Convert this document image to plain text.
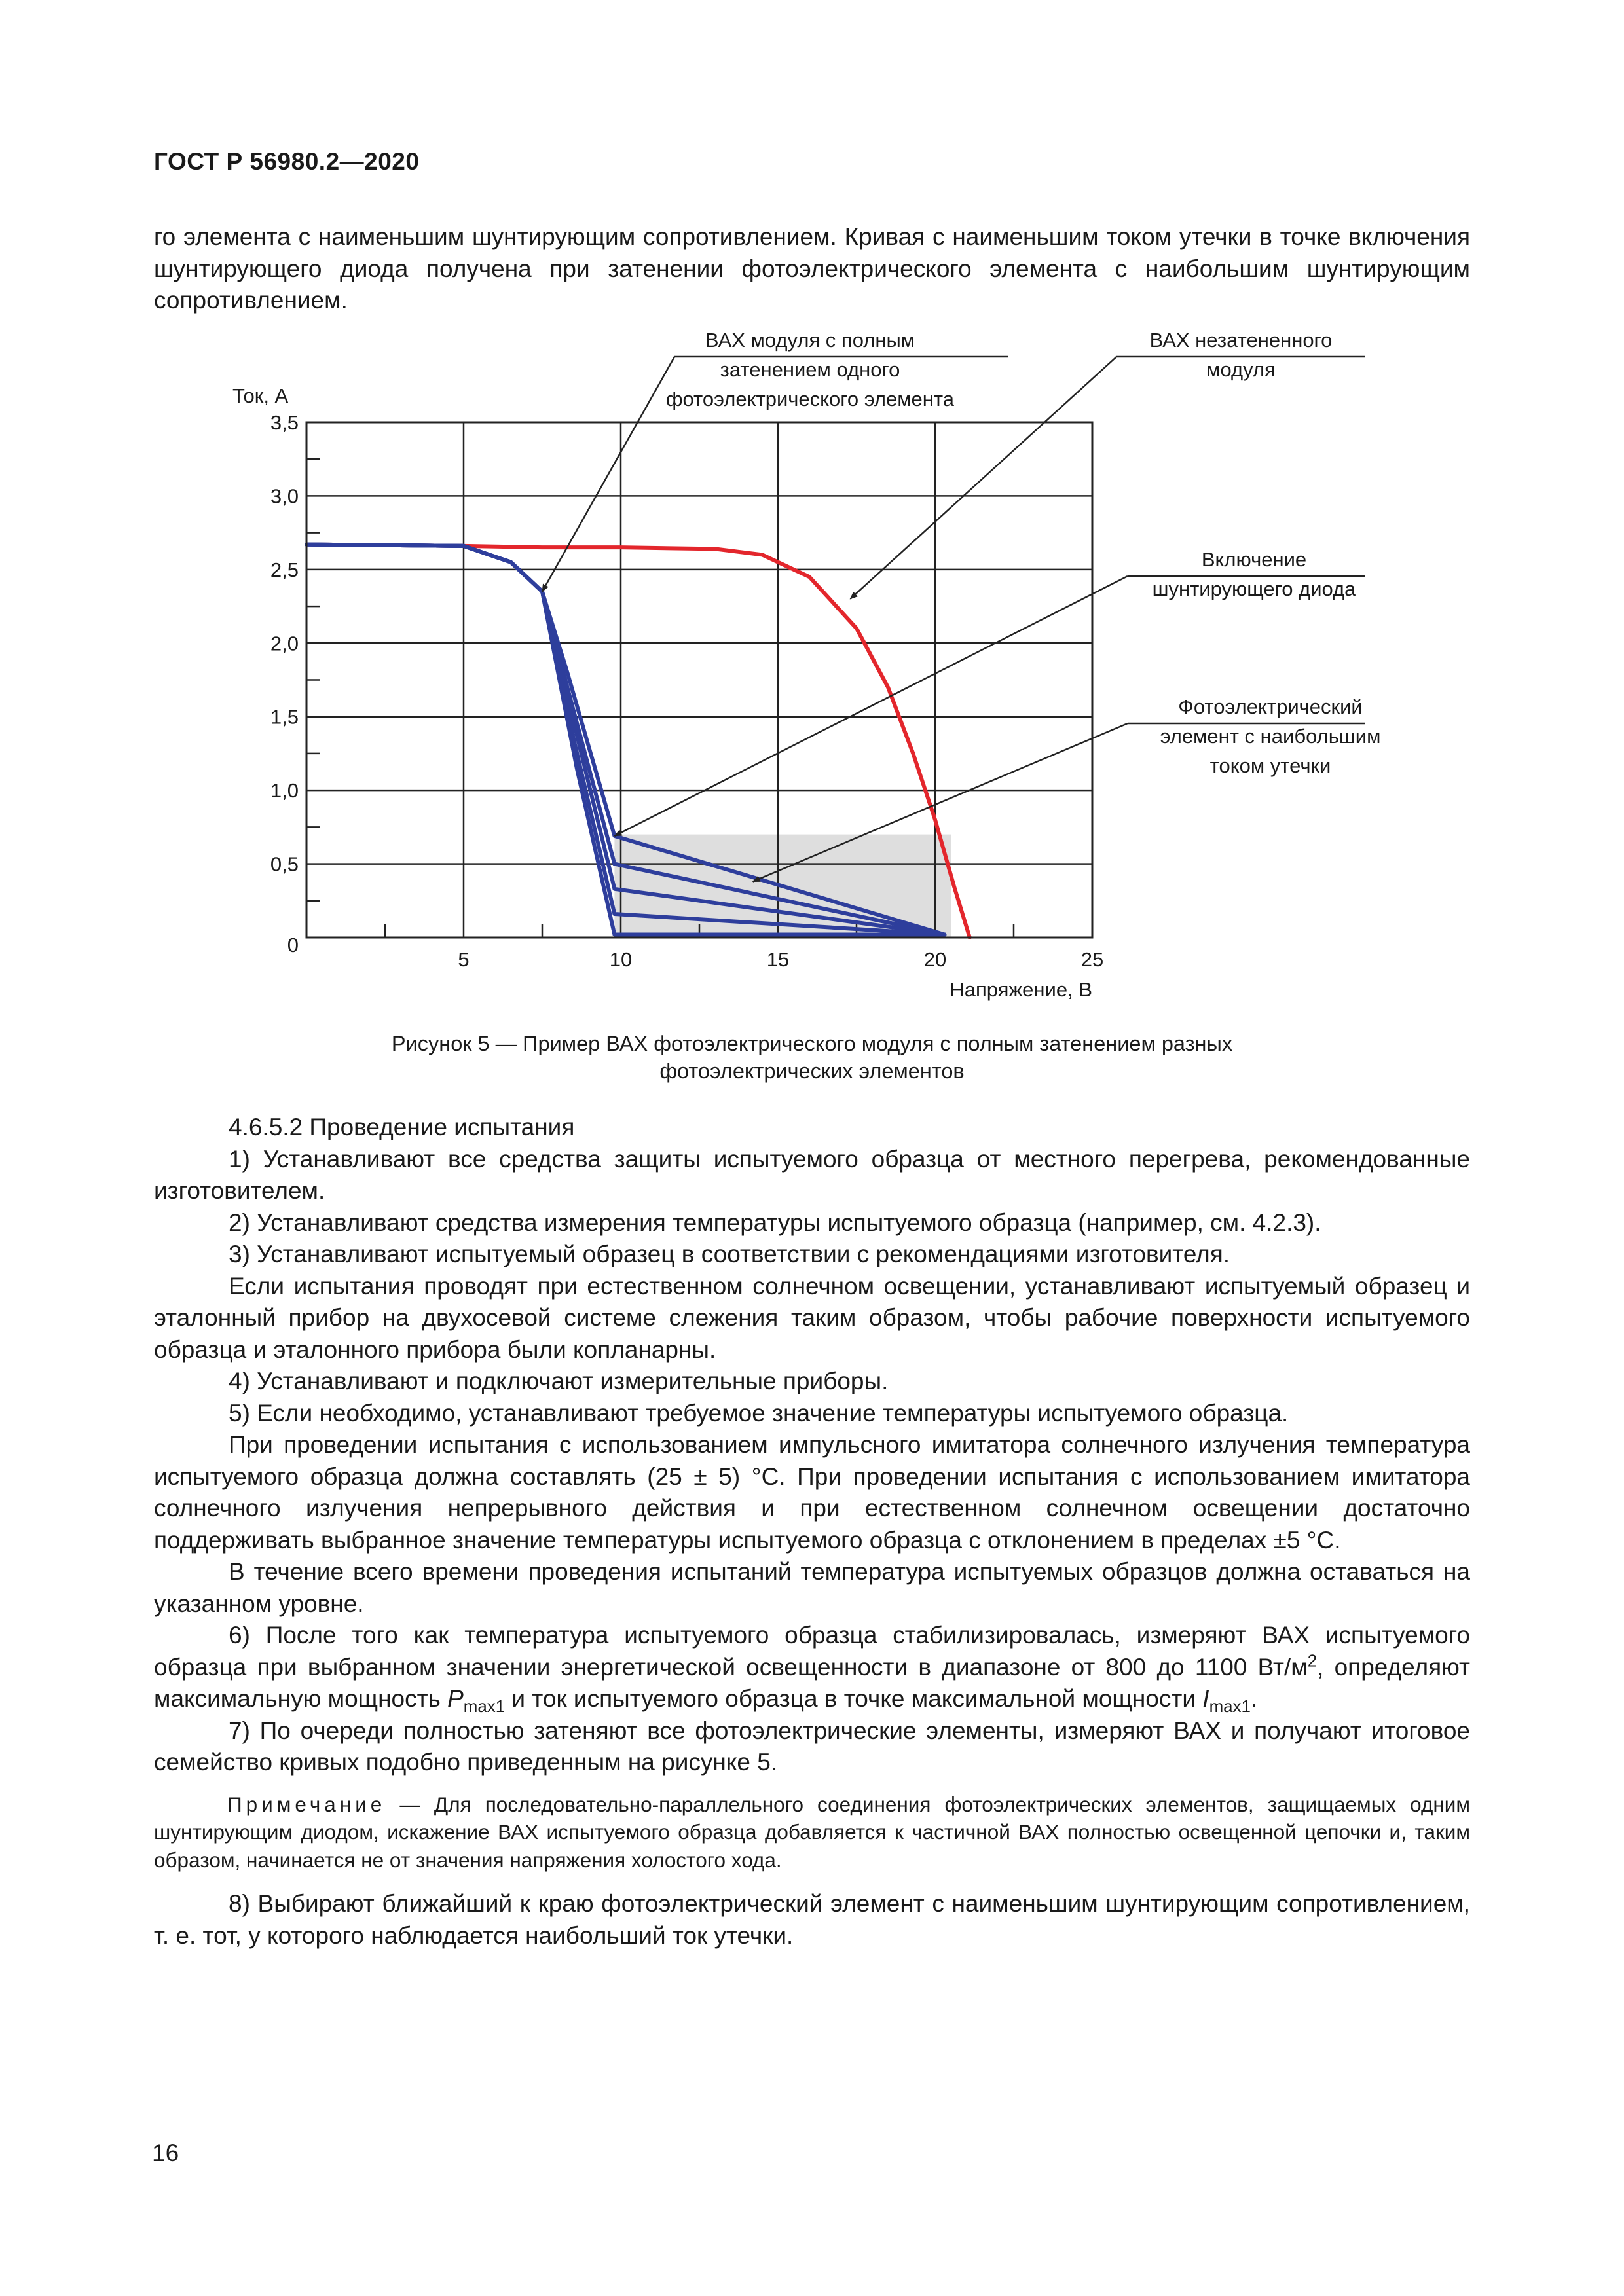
ГОСТ Р 56980.2—2020

го элемента с наименьшим шунтирующим сопротивлением. Кривая с наименьшим током утечки в точке включения шунтирующего диода получена при затенении фотоэлектрического элемента с наибольшим шунтирующим сопротивлением.

5	10	15	20	25
0
0,5
1,0
1,5
2,0
2,5
3,0
3,5
Ток, А
Напряжение, В
ВАХ модуля с полным
затенением одного
фотоэлектрического элемента
ВАХ незатененного
модуля
Включение
шунтирующего диода
Фотоэлектрический
элемент с наибольшим
током утечки
Рисунок 5 — Пример ВАХ фотоэлектрического модуля с полным затенением разных
фотоэлектрических элементов

4.6.5.2 Проведение испытания

1) Устанавливают все средства защиты испытуемого образца от местного перегрева, рекомендованные изготовителем.

2) Устанавливают средства измерения температуры испытуемого образца (например, см. 4.2.3).

3) Устанавливают испытуемый образец в соответствии с рекомендациями изготовителя.

Если испытания проводят при естественном солнечном освещении, устанавливают испытуемый образец и эталонный прибор на двухосевой системе слежения таким образом, чтобы рабочие поверхности испытуемого образца и эталонного прибора были копланарны.

4) Устанавливают и подключают измерительные приборы.

5) Если необходимо, устанавливают требуемое значение температуры испытуемого образца.

При проведении испытания с использованием импульсного имитатора солнечного излучения температура испытуемого образца должна составлять (25 ± 5) °С. При проведении испытания с использованием имитатора солнечного излучения непрерывного действия и при естественном солнечном освещении достаточно поддерживать выбранное значение температуры испытуемого образца с отклонением в пределах ±5 °С.

В течение всего времени проведения испытаний температура испытуемых образцов должна оставаться на указанном уровне.

6) После того как температура испытуемого образца стабилизировалась, измеряют ВАХ испытуемого образца при выбранном значении энергетической освещенности в диапазоне от 800 до 1100 $Вт/м^2$, определяют максимальную мощность $P_{max1}$ и ток испытуемого образца в точке максимальной мощности $I_{max1}$.

7) По очереди полностью затеняют все фотоэлектрические элементы, измеряют ВАХ и получают итоговое семейство кривых подобно приведенным на рисунке 5.

Примечание — Для последовательно-параллельного соединения фотоэлектрических элементов, защищаемых одним шунтирующим диодом, искажение ВАХ испытуемого образца добавляется к частичной ВАХ полностью освещенной цепочки и, таким образом, начинается не от значения напряжения холостого хода.

8) Выбирают ближайший к краю фотоэлектрический элемент с наименьшим шунтирующим сопротивлением, т. е. тот, у которого наблюдается наибольший ток утечки.

16
